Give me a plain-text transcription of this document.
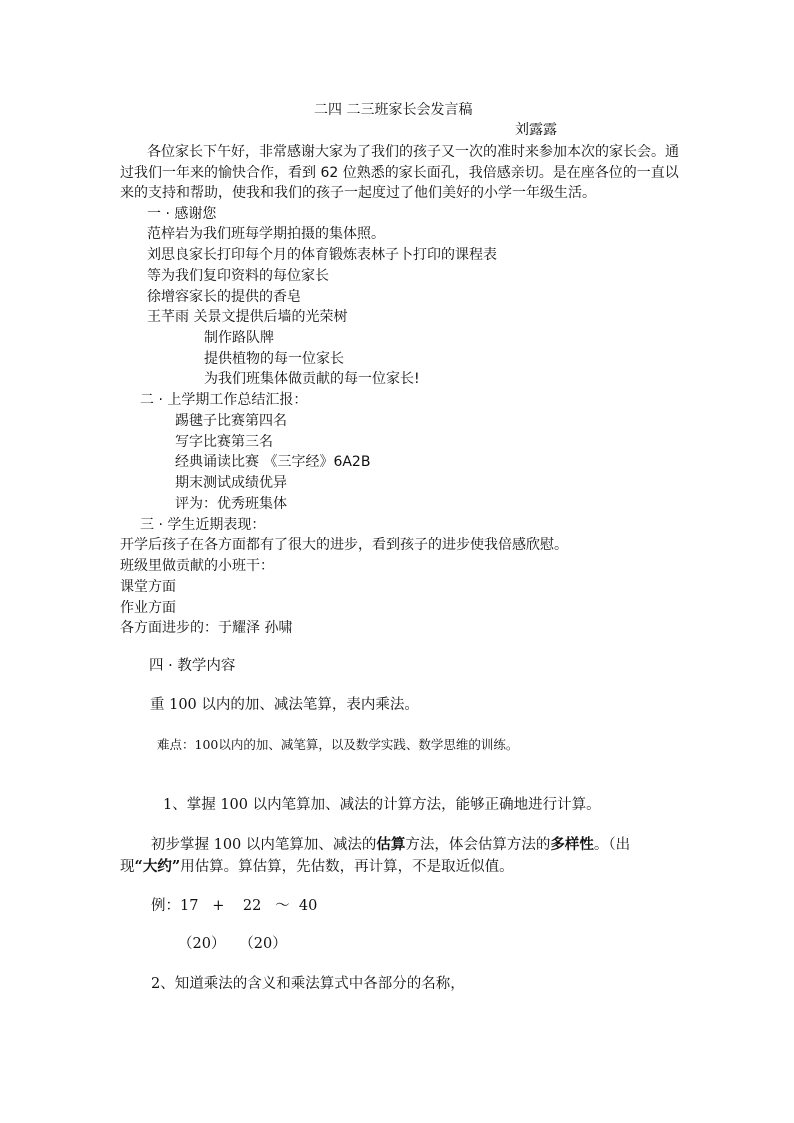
二四 二三班家长会发言稿

刘露露

各位家长下午好，非常感谢大家为了我们的孩子又一次的准时来参加本次的家长会。通

过我们一年来的愉快合作，看到 62 位熟悉的家长面孔，我倍感亲切。是在座各位的一直以

来的支持和帮助，使我和我们的孩子一起度过了他们美好的小学一年级生活。

一 · 感谢您

范梓岩为我们班每学期拍摄的集体照。

刘思良家长打印每个月的体育锻炼表林子卜打印的课程表

等为我们复印资料的每位家长

徐增容家长的提供的香皂

王芊雨 关景文提供后墙的光荣树

制作路队牌

提供植物的每一位家长

为我们班集体做贡献的每一位家长!

二 · 上学期工作总结汇报：

踢毽子比赛第四名

写字比赛第三名

经典诵读比赛 《三字经》6A2B

期末测试成绩优异

评为：优秀班集体

三 · 学生近期表现：

开学后孩子在各方面都有了很大的进步，看到孩子的进步使我倍感欣慰。

班级里做贡献的小班干：

课堂方面

作业方面

各方面进步的：于耀泽 孙啸

四 · 教学内容

重 100 以内的加、减法笔算，表内乘法。

难点：100以内的加、减笔算，以及数学实践、数学思维的训练。

1、掌握 100 以内笔算加、减法的计算方法，能够正确地进行计算。

初步掌握 100 以内笔算加、减法的估算方法，体会估算方法的多样性。（出

现“大约”用估算。算估算，先估数，再计算，不是取近似值。

例：17   +    22   ～  40

（20）   （20）

2、知道乘法的含义和乘法算式中各部分的名称，
